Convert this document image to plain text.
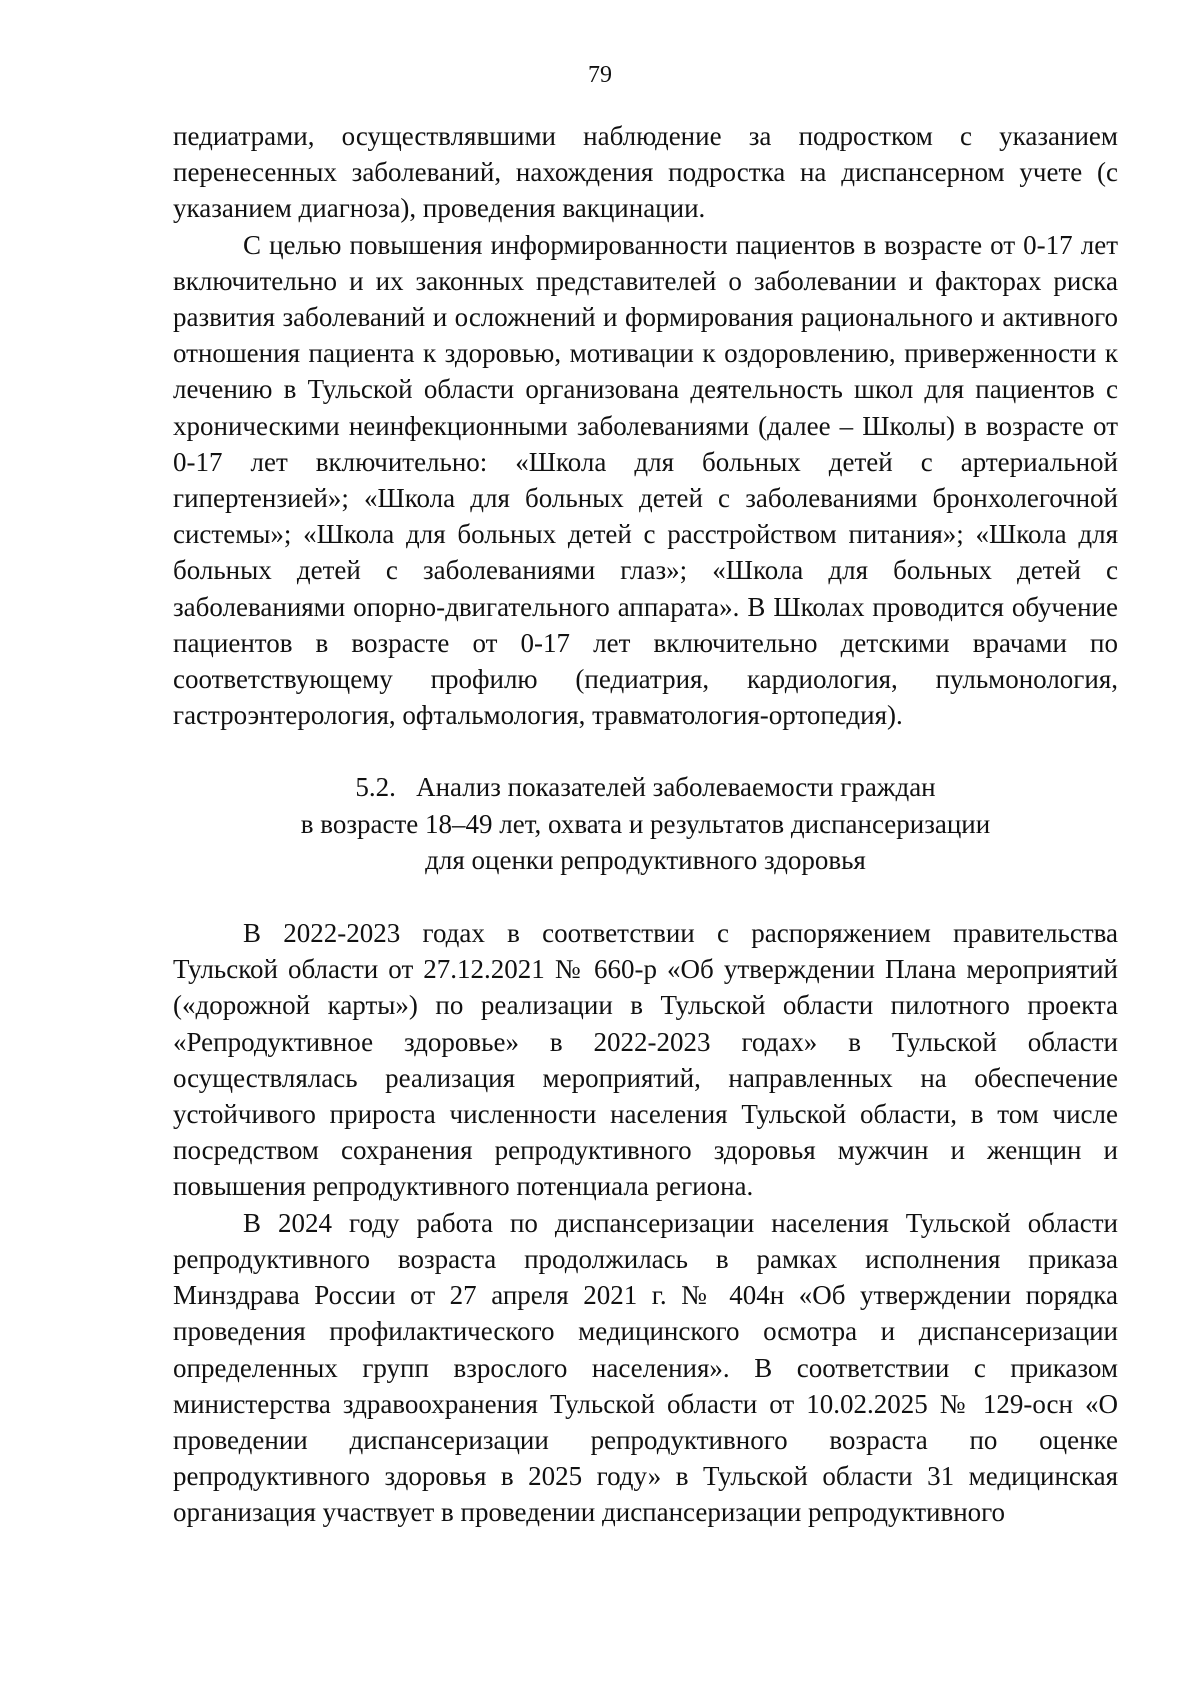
79

педиатрами, осуществлявшими наблюдение за подростком с указанием перенесенных заболеваний, нахождения подростка на диспансерном учете (с указанием диагноза), проведения вакцинации.

С целью повышения информированности пациентов в возрасте от 0-17 лет включительно и их законных представителей о заболевании и факторах риска развития заболеваний и осложнений и формирования рационального и активного отношения пациента к здоровью, мотивации к оздоровлению, приверженности к лечению в Тульской области организована деятельность школ для пациентов с хроническими неинфекционными заболеваниями (далее – Школы) в возрасте от 0-17 лет включительно: «Школа для больных детей с артериальной гипертензией»; «Школа для больных детей с заболеваниями бронхолегочной системы»; «Школа для больных детей с расстройством питания»; «Школа для больных детей с заболеваниями глаз»; «Школа для больных детей с заболеваниями опорно-двигательного аппарата». В Школах проводится обучение пациентов в возрасте от 0-17 лет включительно детскими врачами по соответствующему профилю (педиатрия, кардиология, пульмонология, гастроэнтерология, офтальмология, травматология-ортопедия).

5.2.   Анализ показателей заболеваемости граждан
в возрасте 18–49 лет, охвата и результатов диспансеризации
для оценки репродуктивного здоровья

В 2022-2023 годах в соответствии с распоряжением правительства Тульской области от 27.12.2021 № 660-р «Об утверждении Плана мероприятий («дорожной карты») по реализации в Тульской области пилотного проекта «Репродуктивное здоровье» в 2022-2023 годах» в Тульской области осуществлялась реализация мероприятий, направленных на обеспечение устойчивого прироста численности населения Тульской области, в том числе посредством сохранения репродуктивного здоровья мужчин и женщин и повышения репродуктивного потенциала региона.

В 2024 году работа по диспансеризации населения Тульской области репродуктивного возраста продолжилась в рамках исполнения приказа Минздрава России от 27 апреля 2021 г. № 404н «Об утверждении порядка проведения профилактического медицинского осмотра и диспансеризации определенных групп взрослого населения». В соответствии с приказом министерства здравоохранения Тульской области от 10.02.2025 № 129-осн «О проведении диспансеризации репродуктивного возраста по оценке репродуктивного здоровья в 2025 году» в Тульской области 31 медицинская организация участвует в проведении диспансеризации репродуктивного
